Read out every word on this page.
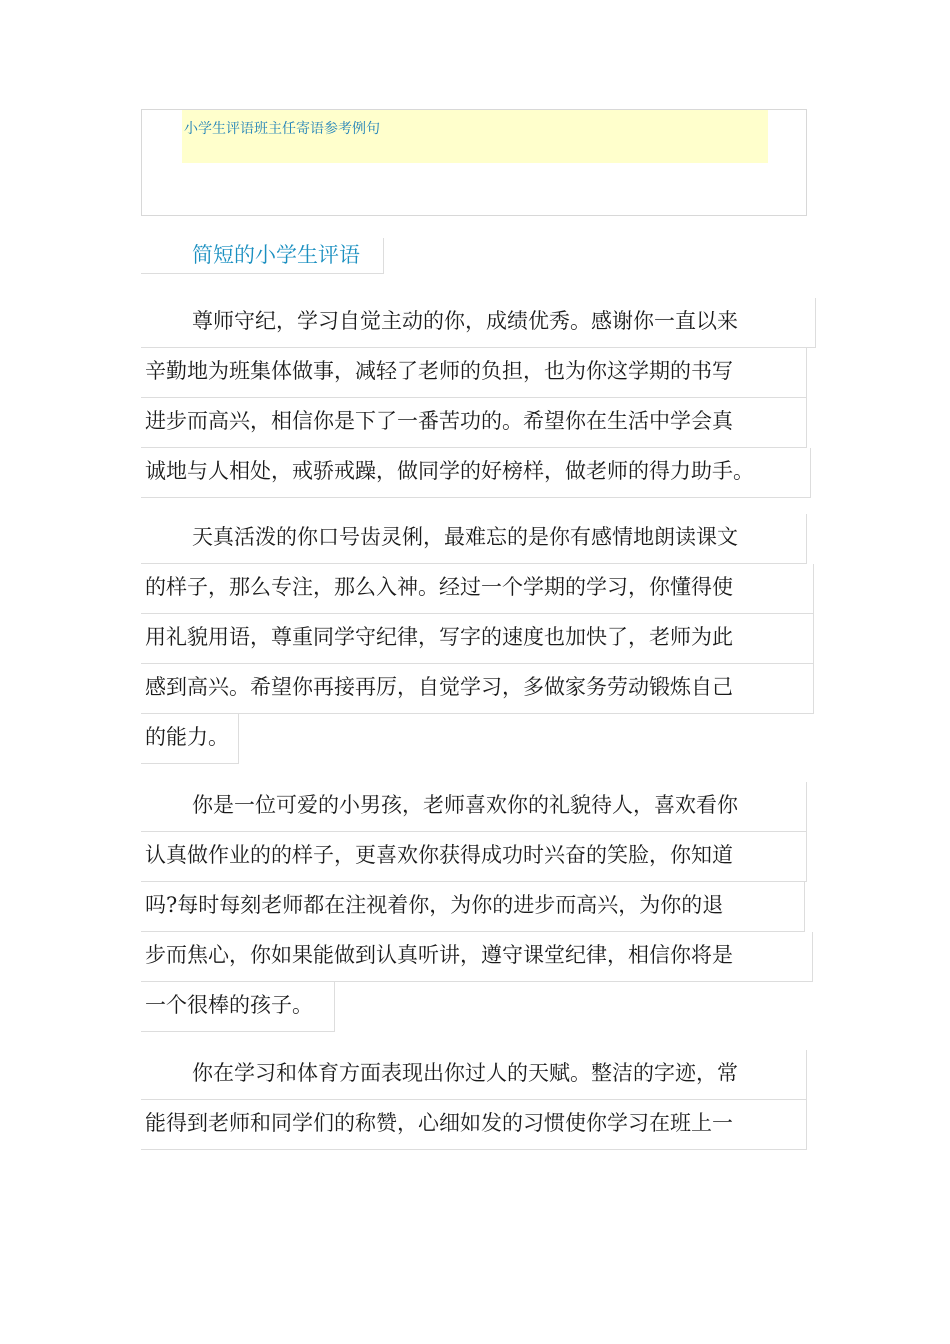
小学生评语班主任寄语参考例句
简短的小学生评语
尊师守纪，学习自觉主动的你，成绩优秀。感谢你一直以来
辛勤地为班集体做事，减轻了老师的负担，也为你这学期的书写
进步而高兴，相信你是下了一番苦功的。希望你在生活中学会真
诚地与人相处，戒骄戒躁，做同学的好榜样，做老师的得力助手。
天真活泼的你口号齿灵俐，最难忘的是你有感情地朗读课文
的样子，那么专注，那么入神。经过一个学期的学习，你懂得使
用礼貌用语，尊重同学守纪律，写字的速度也加快了，老师为此
感到高兴。希望你再接再厉，自觉学习，多做家务劳动锻炼自己
的能力。
你是一位可爱的小男孩，老师喜欢你的礼貌待人，喜欢看你
认真做作业的的样子，更喜欢你获得成功时兴奋的笑脸，你知道
吗?每时每刻老师都在注视着你，为你的进步而高兴，为你的退
步而焦心，你如果能做到认真听讲，遵守课堂纪律，相信你将是
一个很棒的孩子。
你在学习和体育方面表现出你过人的天赋。整洁的字迹，常
能得到老师和同学们的称赞，心细如发的习惯使你学习在班上一
